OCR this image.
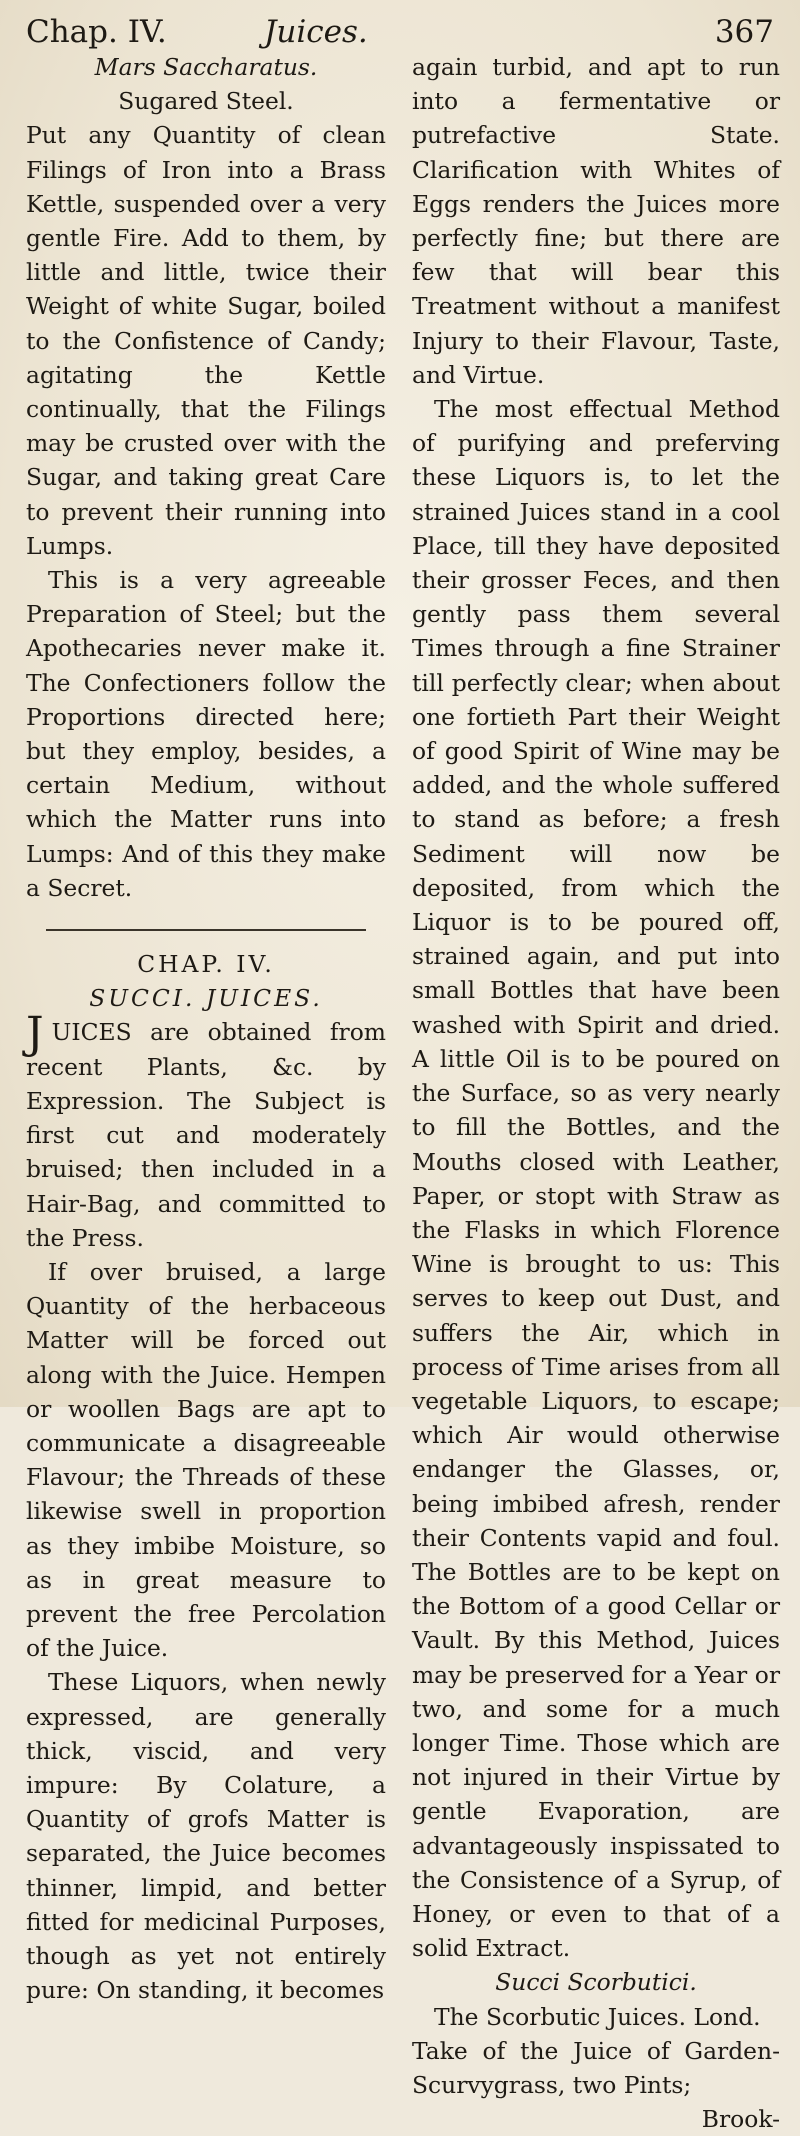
Chap. IV.	Juices.	367
Mars Saccharatus.
Sugared Steel.

Put any Quantity of clean Filings of Iron into a Brass Kettle, suspended over a very gentle Fire. Add to them, by little and little, twice their Weight of white Sugar, boiled to the Confistence of Candy; agitating the Kettle continually, that the Filings may be crusted over with the Sugar, and taking great Care to prevent their running into Lumps.

This is a very agreeable Preparation of Steel; but the Apothecaries never make it. The Confectioners follow the Proportions directed here; but they employ, besides, a certain Medium, without which the Matter runs into Lumps: And of this they make a Secret.

CHAP. IV.
SUCCI. JUICES.

JUICES are obtained from recent Plants, &c. by Expression. The Subject is first cut and moderately bruised; then included in a Hair-Bag, and committed to the Press.

If over bruised, a large Quantity of the herbaceous Matter will be forced out along with the Juice. Hempen or woollen Bags are apt to communicate a disagreeable Flavour; the Threads of these likewise swell in proportion as they imbibe Moisture, so as in great measure to prevent the free Percolation of the Juice.

These Liquors, when newly expressed, are generally thick, viscid, and very impure: By Colature, a Quantity of grofs Matter is separated, the Juice becomes thinner, limpid, and better fitted for medicinal Purposes, though as yet not entirely pure: On standing, it becomes

again turbid, and apt to run into a fermentative or putrefactive State. Clarification with Whites of Eggs renders the Juices more perfectly fine; but there are few that will bear this Treatment without a manifest Injury to their Flavour, Taste, and Virtue.

The most effectual Method of purifying and preferving these Liquors is, to let the strained Juices stand in a cool Place, till they have deposited their grosser Feces, and then gently pass them several Times through a fine Strainer till perfectly clear; when about one fortieth Part their Weight of good Spirit of Wine may be added, and the whole suffered to stand as before; a fresh Sediment will now be deposited, from which the Liquor is to be poured off, strained again, and put into small Bottles that have been washed with Spirit and dried. A little Oil is to be poured on the Surface, so as very nearly to fill the Bottles, and the Mouths closed with Leather, Paper, or stopt with Straw as the Flasks in which Florence Wine is brought to us: This serves to keep out Dust, and suffers the Air, which in process of Time arises from all vegetable Liquors, to escape; which Air would otherwise endanger the Glasses, or, being imbibed afresh, render their Contents vapid and foul. The Bottles are to be kept on the Bottom of a good Cellar or Vault. By this Method, Juices may be preserved for a Year or two, and some for a much longer Time. Those which are not injured in their Virtue by gentle Evaporation, are advantageously inspissated to the Consistence of a Syrup, of Honey, or even to that of a solid Extract.

Succi Scorbutici.

The Scorbutic Juices. Lond.

Take of the Juice of Garden-Scurvygrass, two Pints;

Brook-
